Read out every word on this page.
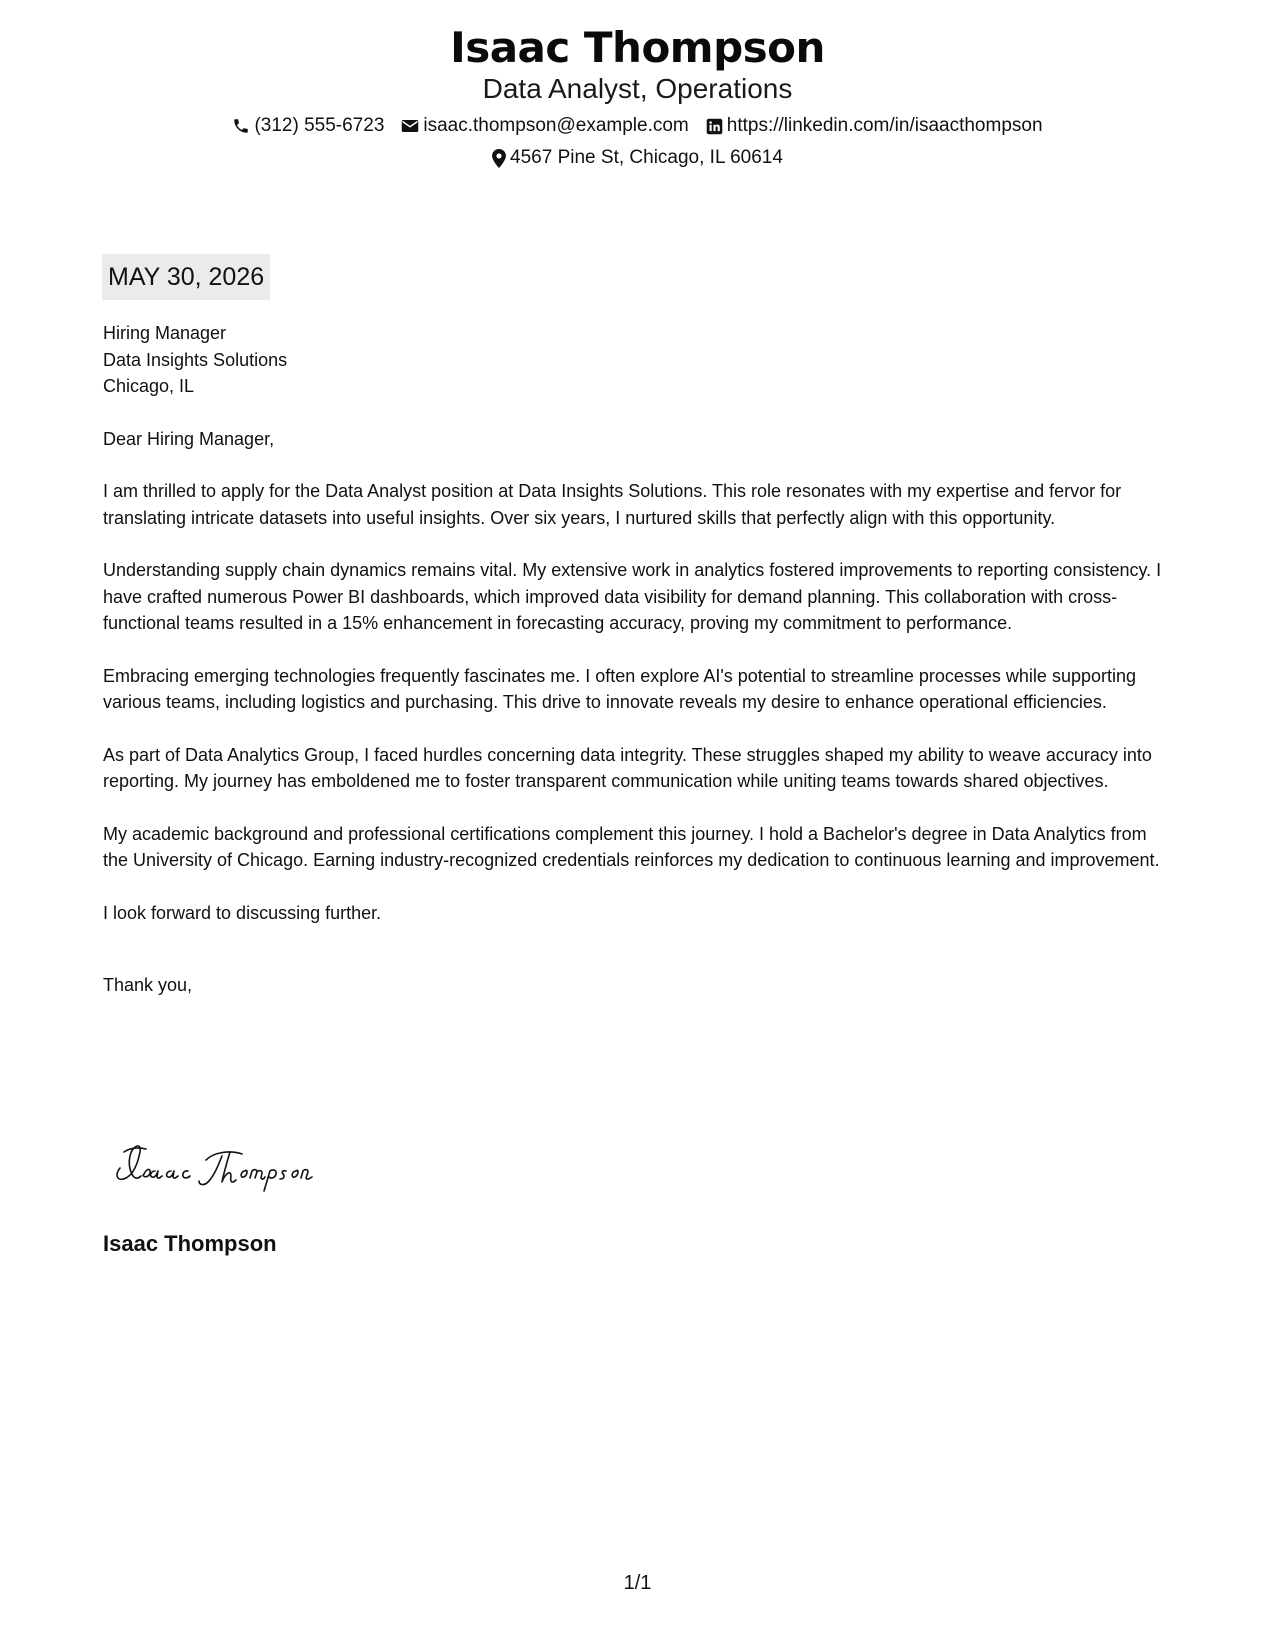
Isaac Thompson
Data Analyst, Operations
(312) 555-6723 isaac.thompson@example.com https://linkedin.com/in/isaacthompson
4567 Pine St, Chicago, IL 60614
MAY 30, 2026

Hiring Manager
Data Insights Solutions
Chicago, IL

Dear Hiring Manager,

I am thrilled to apply for the Data Analyst position at Data Insights Solutions. This role resonates with my expertise and fervor for translating intricate datasets into useful insights. Over six years, I nurtured skills that perfectly align with this opportunity.

Understanding supply chain dynamics remains vital. My extensive work in analytics fostered improvements to reporting consistency. I have crafted numerous Power BI dashboards, which improved data visibility for demand planning. This collaboration with cross-functional teams resulted in a 15% enhancement in forecasting accuracy, proving my commitment to performance.

Embracing emerging technologies frequently fascinates me. I often explore AI's potential to streamline processes while supporting various teams, including logistics and purchasing. This drive to innovate reveals my desire to enhance operational efficiencies.

As part of Data Analytics Group, I faced hurdles concerning data integrity. These struggles shaped my ability to weave accuracy into reporting. My journey has emboldened me to foster transparent communication while uniting teams towards shared objectives.

My academic background and professional certifications complement this journey. I hold a Bachelor's degree in Data Analytics from the University of Chicago. Earning industry-recognized credentials reinforces my dedication to continuous learning and improvement.

I look forward to discussing further.

Thank you,

Isaac Thompson
1/1
